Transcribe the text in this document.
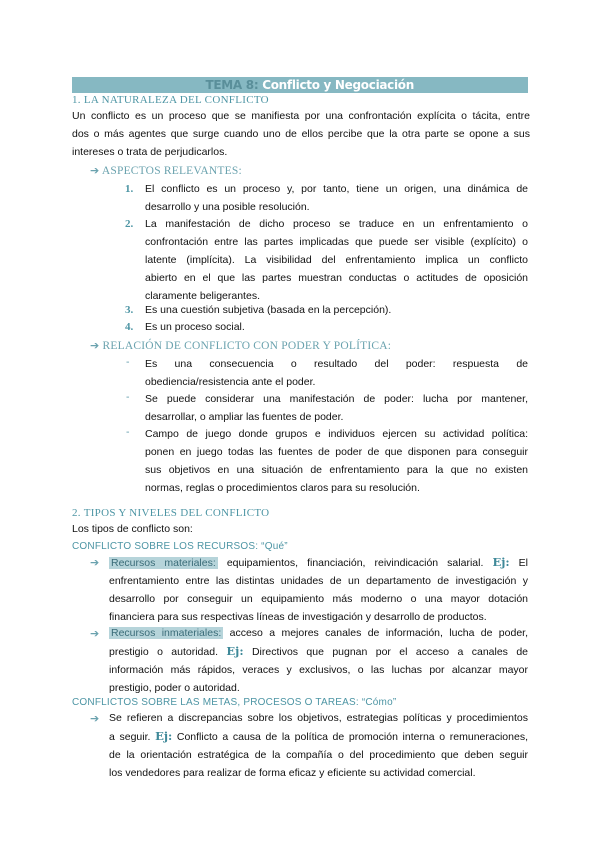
TEMA 8: Conflicto y Negociación
1. LA NATURALEZA DEL CONFLICTO
Un conflicto es un proceso que se manifiesta por una confrontación explícita o tácita, entre
dos o más agentes que surge cuando uno de ellos percibe que la otra parte se opone a sus
intereses o trata de perjudicarlos.
➔ ASPECTOS RELEVANTES:
1. El conflicto es un proceso y, por tanto, tiene un origen, una dinámica de
desarrollo y una posible resolución.
2. La manifestación de dicho proceso se traduce en un enfrentamiento o
confrontación entre las partes implicadas que puede ser visible (explícito) o
latente (implícita). La visibilidad del enfrentamiento implica un conflicto
abierto en el que las partes muestran conductas o actitudes de oposición
claramente beligerantes.
3. Es una cuestión subjetiva (basada en la percepción).
4. Es un proceso social.
➔ RELACIÓN DE CONFLICTO CON PODER Y POLÍTICA:
- Es una consecuencia o resultado del poder: respuesta de
obediencia/resistencia ante el poder.
- Se puede considerar una manifestación de poder: lucha por mantener,
desarrollar, o ampliar las fuentes de poder.
- Campo de juego donde grupos e individuos ejercen su actividad política:
ponen en juego todas las fuentes de poder de que disponen para conseguir
sus objetivos en una situación de enfrentamiento para la que no existen
normas, reglas o procedimientos claros para su resolución.
2. TIPOS Y NIVELES DEL CONFLICTO
Los tipos de conflicto son:
CONFLICTO SOBRE LOS RECURSOS: “Qué”
➔ Recursos materiales: equipamientos, financiación, reivindicación salarial. Ej: El
enfrentamiento entre las distintas unidades de un departamento de investigación y
desarrollo por conseguir un equipamiento más moderno o una mayor dotación
financiera para sus respectivas líneas de investigación y desarrollo de productos.
➔ Recursos inmateriales: acceso a mejores canales de información, lucha de poder,
prestigio o autoridad. Ej: Directivos que pugnan por el acceso a canales de
información más rápidos, veraces y exclusivos, o las luchas por alcanzar mayor
prestigio, poder o autoridad.
CONFLICTOS SOBRE LAS METAS, PROCESOS O TAREAS: “Cómo”
➔ Se refieren a discrepancias sobre los objetivos, estrategias políticas y procedimientos
a seguir. Ej: Conflicto a causa de la política de promoción interna o remuneraciones,
de la orientación estratégica de la compañía o del procedimiento que deben seguir
los vendedores para realizar de forma eficaz y eficiente su actividad comercial.
